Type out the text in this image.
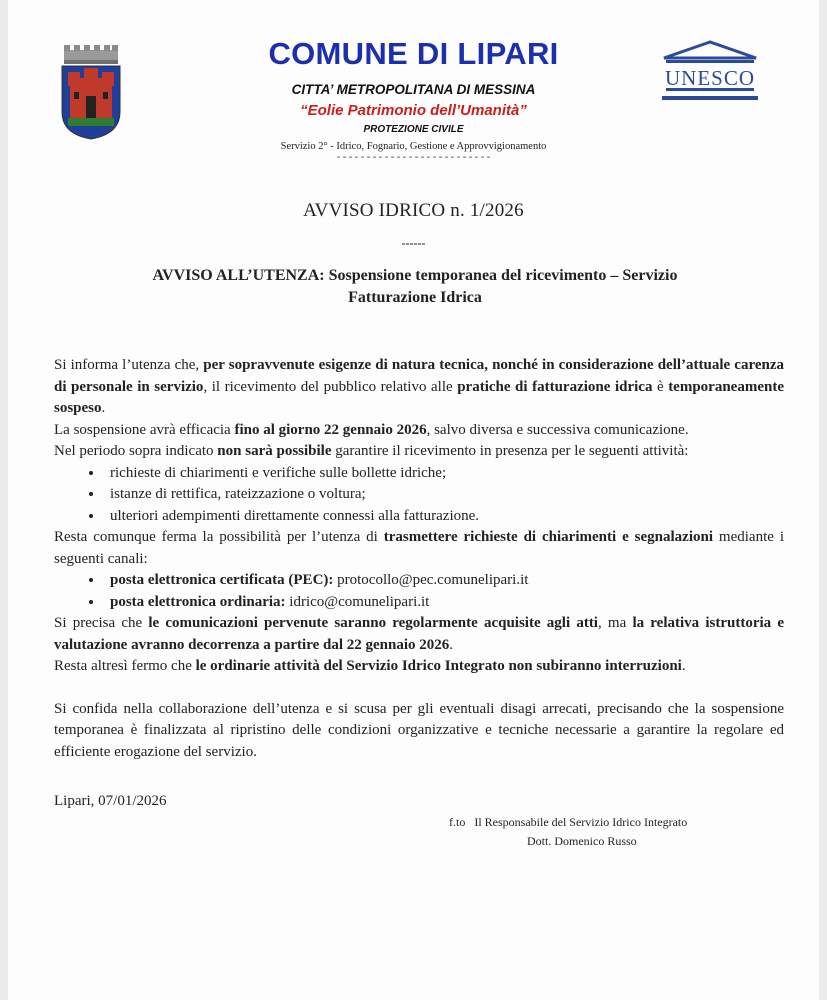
UNESCO
COMUNE DI LIPARI
CITTA’ METROPOLITANA DI MESSINA
“Eolie Patrimonio dell’Umanità”
PROTEZIONE CIVILE
Servizio 2° - Idrico, Fognario, Gestione e Approvvigionamento
--------------------------
AVVISO IDRICO n. 1/2026
------
AVVISO ALL’UTENZA: Sospensione temporanea del ricevimento – Servizio
Fatturazione Idrica

Si informa l’utenza che, per sopravvenute esigenze di natura tecnica, nonché in considerazione dell’attuale carenza di personale in servizio, il ricevimento del pubblico relativo alle pratiche di fatturazione idrica è temporaneamente sospeso.

La sospensione avrà efficacia fino al giorno 22 gennaio 2026, salvo diversa e successiva comunicazione.

Nel periodo sopra indicato non sarà possibile garantire il ricevimento in presenza per le seguenti attività:

• richieste di chiarimenti e verifiche sulle bollette idriche;
• istanze di rettifica, rateizzazione o voltura;
• ulteriori adempimenti direttamente connessi alla fatturazione.

Resta comunque ferma la possibilità per l’utenza di trasmettere richieste di chiarimenti e segnalazioni mediante i seguenti canali:

• posta elettronica certificata (PEC): protocollo@pec.comunelipari.it
• posta elettronica ordinaria: idrico@comunelipari.it

Si precisa che le comunicazioni pervenute saranno regolarmente acquisite agli atti, ma la relativa istruttoria e valutazione avranno decorrenza a partire dal 22 gennaio 2026.

Resta altresì fermo che le ordinarie attività del Servizio Idrico Integrato non subiranno interruzioni.

Si confida nella collaborazione dell’utenza e si scusa per gli eventuali disagi arrecati, precisando che la sospensione temporanea è finalizzata al ripristino delle condizioni organizzative e tecniche necessarie a garantire la regolare ed efficiente erogazione del servizio.

Lipari, 07/01/2026
f.to   Il Responsabile del Servizio Idrico Integrato
Dott. Domenico Russo
